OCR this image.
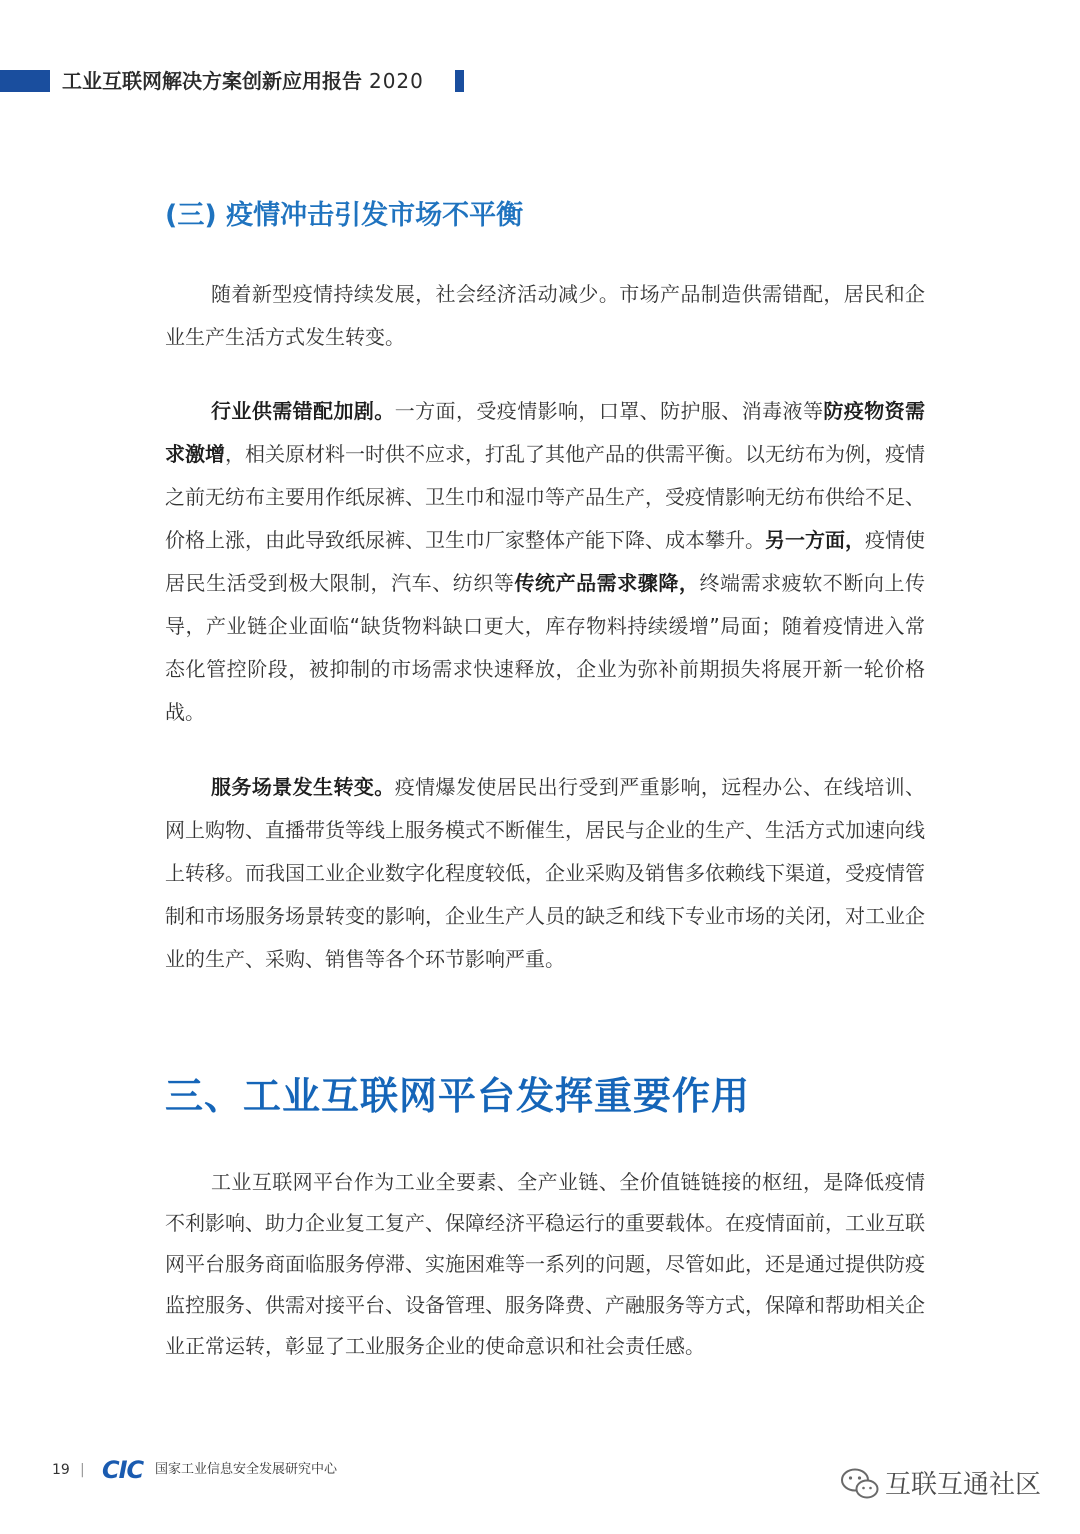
工业互联网解决方案创新应用报告 2020
(三) 疫情冲击引发市场不平衡

随着新型疫情持续发展，社会经济活动减少。市场产品制造供需错配，居民和企业生产生活方式发生转变。

行业供需错配加剧。一方面，受疫情影响，口罩、防护服、消毒液等防疫物资需求激增，相关原材料一时供不应求，打乱了其他产品的供需平衡。以无纺布为例，疫情之前无纺布主要用作纸尿裤、卫生巾和湿巾等产品生产，受疫情影响无纺布供给不足、价格上涨，由此导致纸尿裤、卫生巾厂家整体产能下降、成本攀升。另一方面，疫情使居民生活受到极大限制，汽车、纺织等传统产品需求骤降，终端需求疲软不断向上传导，产业链企业面临“缺货物料缺口更大，库存物料持续缓增”局面；随着疫情进入常态化管控阶段，被抑制的市场需求快速释放，企业为弥补前期损失将展开新一轮价格战。

服务场景发生转变。疫情爆发使居民出行受到严重影响，远程办公、在线培训、网上购物、直播带货等线上服务模式不断催生，居民与企业的生产、生活方式加速向线上转移。而我国工业企业数字化程度较低，企业采购及销售多依赖线下渠道，受疫情管制和市场服务场景转变的影响，企业生产人员的缺乏和线下专业市场的关闭，对工业企业的生产、采购、销售等各个环节影响严重。

三、工业互联网平台发挥重要作用

工业互联网平台作为工业全要素、全产业链、全价值链链接的枢纽，是降低疫情不利影响、助力企业复工复产、保障经济平稳运行的重要载体。在疫情面前，工业互联网平台服务商面临服务停滞、实施困难等一系列的问题，尽管如此，还是通过提供防疫监控服务、供需对接平台、设备管理、服务降费、产融服务等方式，保障和帮助相关企业正常运转，彰显了工业服务企业的使命意识和社会责任感。

19 | CIC 国家工业信息安全发展研究中心
互联互通社区
